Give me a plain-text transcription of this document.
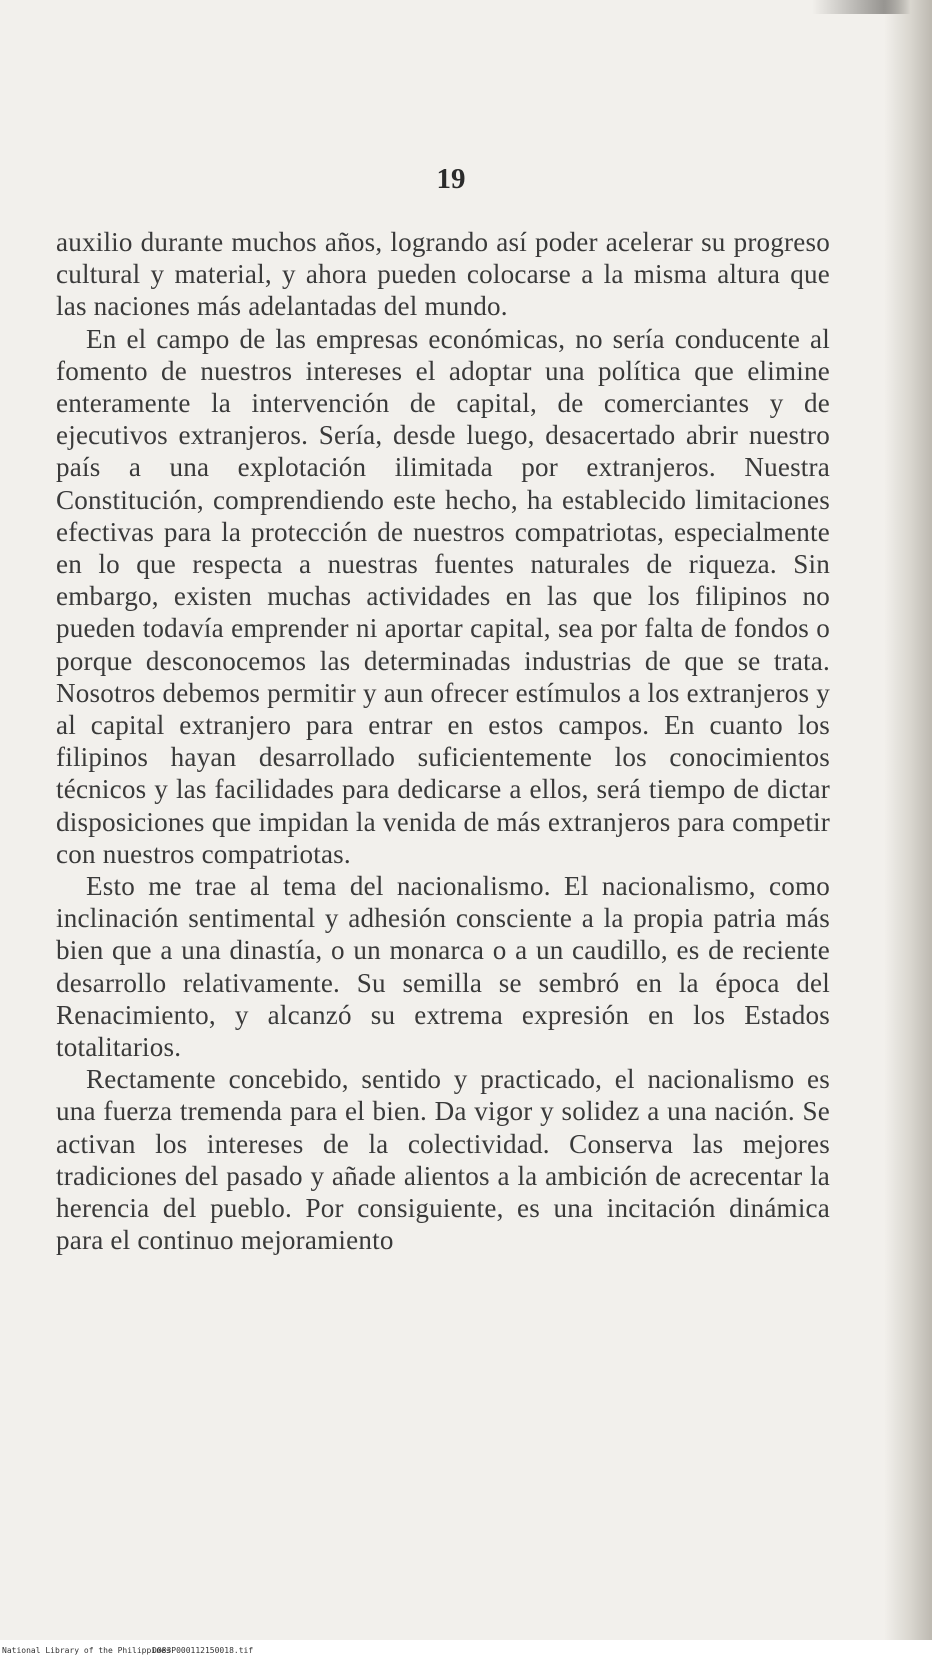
19

auxilio durante muchos años, logrando así poder acelerar su progreso cultural y material, y ahora pueden colocarse a la misma altura que las naciones más adelantadas del mundo.

En el campo de las empresas económicas, no sería conducente al fomento de nuestros intereses el adoptar una política que elimine enteramente la intervención de capital, de comerciantes y de ejecutivos extranjeros. Sería, desde luego, desacertado abrir nuestro país a una explotación ilimitada por extranjeros. Nuestra Constitución, comprendiendo este hecho, ha establecido limitaciones efectivas para la protección de nuestros compatriotas, especialmente en lo que respecta a nuestras fuentes naturales de riqueza. Sin embargo, existen muchas actividades en las que los filipinos no pueden todavía emprender ni aportar capital, sea por falta de fondos o porque desconocemos las determinadas industrias de que se trata. Nosotros debemos permitir y aun ofrecer estímulos a los extranjeros y al capital extranjero para entrar en estos campos. En cuanto los filipinos hayan desarrollado suficientemente los conocimientos técnicos y las facilidades para dedicarse a ellos, será tiempo de dictar disposiciones que impidan la venida de más extranjeros para competir con nuestros compatriotas.

Esto me trae al tema del nacionalismo. El nacionalismo, como inclinación sentimental y adhesión consciente a la propia patria más bien que a una dinastía, o un monarca o a un caudillo, es de reciente desarrollo relativamente. Su semilla se sembró en la época del Renacimiento, y alcanzó su extrema expresión en los Estados totalitarios.

Rectamente concebido, sentido y practicado, el nacionalismo es una fuerza tremenda para el bien. Da vigor y solidez a una nación. Se activan los intereses de la colectividad. Conserva las mejores tradiciones del pasado y añade alientos a la ambición de acrecentar la herencia del pueblo. Por consiguiente, es una incitación dinámica para el continuo mejoramiento

National Library of the Philippines
D083P000112150018.tif
